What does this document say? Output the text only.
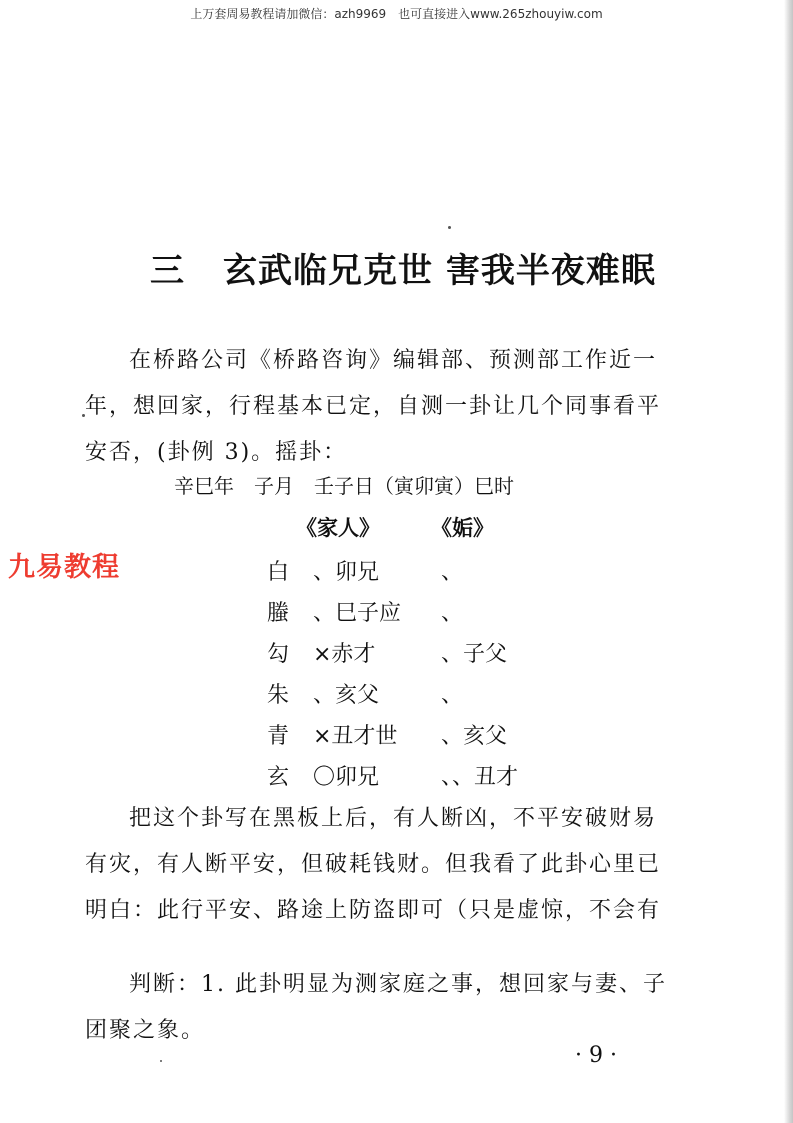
上万套周易教程请加微信：azh9969　也可直接进入www.265zhouyiw.com
三 玄武临兄克世 害我半夜难眠

在桥路公司《桥路咨询》编辑部、预测部工作近一年，想回家，行程基本已定，自测一卦让几个同事看平安否，(卦例 3)。摇卦：

辛巳年　子月　壬子日（寅卯寅）巳时
《家人》 《姤》
九易教程	白 、卯兄	、
螣 、巳子应 、
勾 ×赤才	、子父
朱 、亥父	、
青 ×丑才世 、亥父
玄 〇卯兄	、、丑才

把这个卦写在黑板上后，有人断凶，不平安破财易有灾，有人断平安，但破耗钱财。但我看了此卦心里已明白：此行平安、路途上防盗即可（只是虚惊，不会有

判断：1. 此卦明显为测家庭之事，想回家与妻、子团聚之象。

· 9 ·
